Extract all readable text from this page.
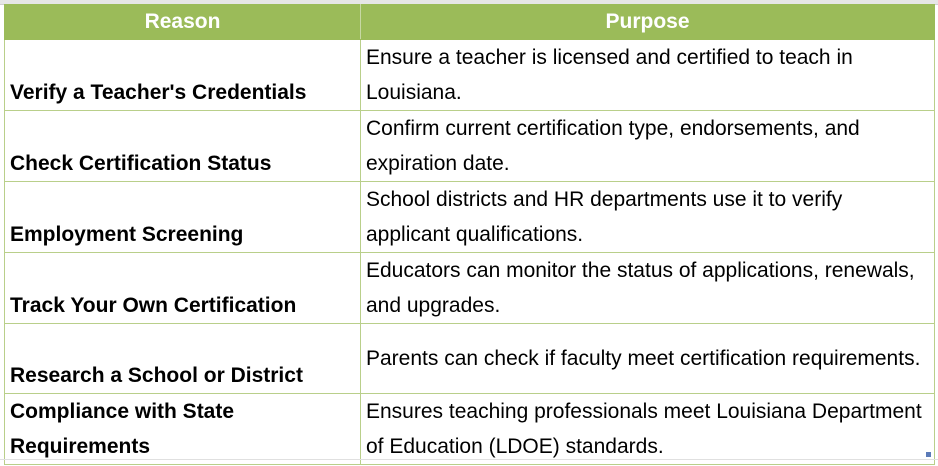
Reason	Purpose

Verify a Teacher's Credentials	Ensure a teacher is licensed and certified to teach in Louisiana.

Check Certification Status	Confirm current certification type, endorsements, and expiration date.

Employment Screening	School districts and HR departments use it to verify applicant qualifications.

Track Your Own Certification	Educators can monitor the status of applications, renewals, and upgrades.

Research a School or District	Parents can check if faculty meet certification requirements.

Compliance with State Requirements	Ensures teaching professionals meet Louisiana Department of Education (LDOE) standards.
